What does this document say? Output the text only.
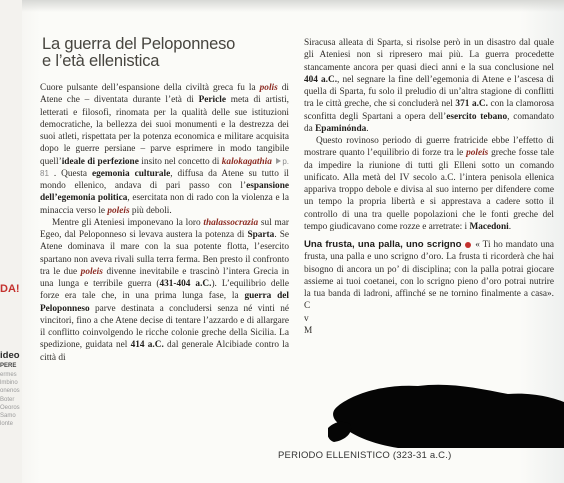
DA!
ideo
PERE
ermes
lmbino
onenos
Boter
Oeoros
Samo
lonte
La guerra del Peloponneso
e l’età ellenistica

Cuore pulsante dell’espansione della civiltà greca fu la polis di Atene che – diventata durante l’età di Pericle meta di artisti, letterati e filosofi, rinomata per la qualità delle sue istituzioni democratiche, la bellezza dei suoi monumenti e la destrezza dei suoi atleti, rispettata per la potenza economica e militare acquisita dopo le guerre persiane – parve esprimere in modo tangibile quell’ideale di perfezione insito nel concetto di kalokagathia p. 81 . Questa egemonia culturale, diffusa da Atene su tutto il mondo ellenico, andava di pari passo con l’espansione dell’egemonia politica, esercitata non di rado con la violenza e la minaccia verso le poleis più deboli.

Mentre gli Ateniesi imponevano la loro thalassocrazia sul mar Egeo, dal Peloponneso si levava austera la potenza di Sparta. Se Atene dominava il mare con la sua potente flotta, l’esercito spartano non aveva rivali sulla terra ferma. Ben presto il confronto tra le due poleis divenne inevitabile e trascinò l’intera Grecia in una lunga e terribile guerra (431-404 a.C.). L’equilibrio delle forze era tale che, in una prima lunga fase, la guerra del Peloponneso parve destinata a concludersi senza né vinti né vincitori, fino a che Atene decise di tentare l’azzardo e di allargare il conflitto coinvolgendo le ricche colonie greche della Sicilia. La spedizione, guidata nel 414 a.C. dal generale Alcibiade contro la città di

Siracusa alleata di Sparta, si risolse però in un disastro dal quale gli Ateniesi non si ripresero mai più. La guerra procedette stancamente ancora per quasi dieci anni e la sua conclusione nel 404 a.C., nel segnare la fine dell’egemonia di Atene e l’ascesa di quella di Sparta, fu solo il preludio di un’altra stagione di conflitti tra le città greche, che si concluderà nel 371 a.C. con la clamorosa sconfitta degli Spartani a opera dell’esercito tebano, comandato da Epaminónda.

Questo rovinoso periodo di guerre fratricide ebbe l’effetto di mostrare quanto l’equilibrio di forze tra le poleis greche fosse tale da impedire la riunione di tutti gli Elleni sotto un comando unificato. Alla metà del IV secolo a.C. l’intera penisola ellenica appariva troppo debole e divisa al suo interno per difendere come un tempo la propria libertà e si apprestava a cadere sotto il controllo di una tra quelle popolazioni che le fonti greche del tempo giudicavano come rozze e arretrate: i Macedoni.

Una frusta, una palla, uno scrigno  « Ti ho mandato una frusta, una palla e uno scrigno d’oro. La frusta ti ricorderà che hai bisogno di ancora un po’ di disciplina; con la palla potrai giocare assieme ai tuoi coetanei, con lo scrigno pieno d’oro potrai nutrire la tua banda di ladroni, affinché se ne tornino finalmente a casa». C
v
M

PERIODO ELLENISTICO (323-31 a.C.)
